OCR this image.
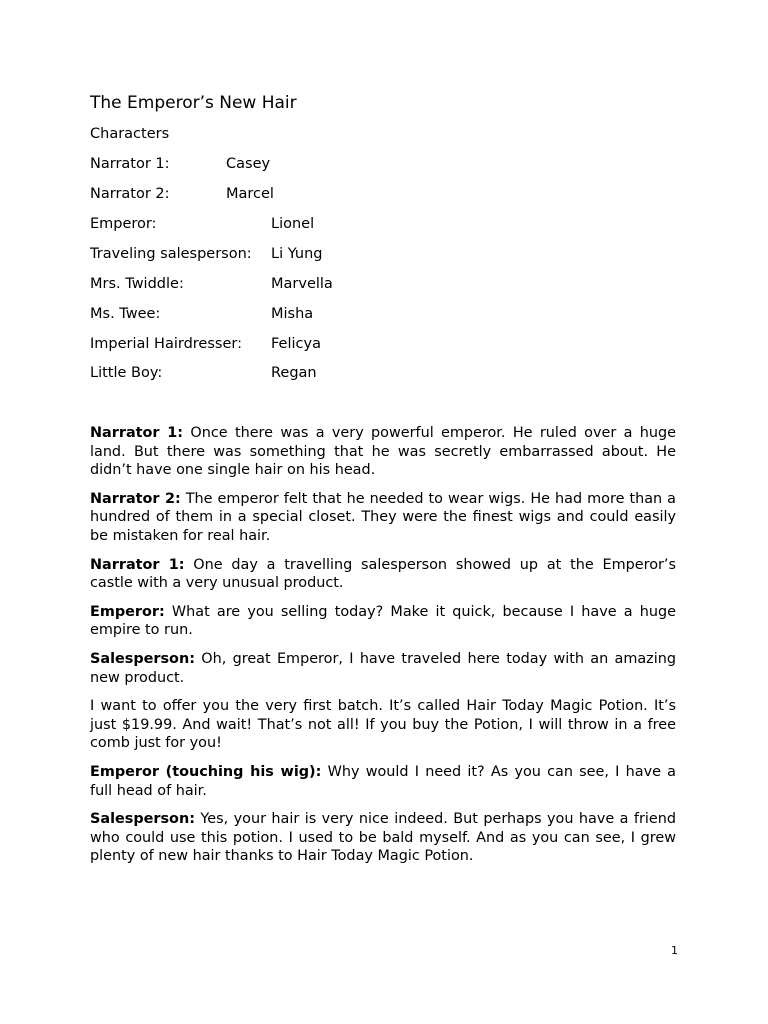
The Emperor’s New Hair
Characters
Narrator 1:	Casey
Narrator 2:	Marcel
Emperor:	Lionel
Traveling salesperson: Li Yung
Mrs. Twiddle:	Marvella
Ms. Twee:	Misha
Imperial Hairdresser: Felicya
Little Boy:	Regan

Narrator 1: Once there was a very powerful emperor. He ruled over a huge land. But there was something that he was secretly embarrassed about. He didn’t have one single hair on his head.

Narrator 2: The emperor felt that he needed to wear wigs. He had more than a hundred of them in a special closet. They were the finest wigs and could easily be mistaken for real hair.

Narrator 1: One day a travelling salesperson showed up at the Emperor’s castle with a very unusual product.

Emperor: What are you selling today? Make it quick, because I have a huge empire to run.

Salesperson: Oh, great Emperor, I have traveled here today with an amazing new product.

I want to offer you the very first batch. It’s called Hair Today Magic Potion. It’s just $19.99. And wait! That’s not all! If you buy the Potion, I will throw in a free comb just for you!

Emperor (touching his wig): Why would I need it? As you can see, I have a full head of hair.

Salesperson: Yes, your hair is very nice indeed. But perhaps you have a friend who could use this potion. I used to be bald myself. And as you can see, I grew plenty of new hair thanks to Hair Today Magic Potion.

1
